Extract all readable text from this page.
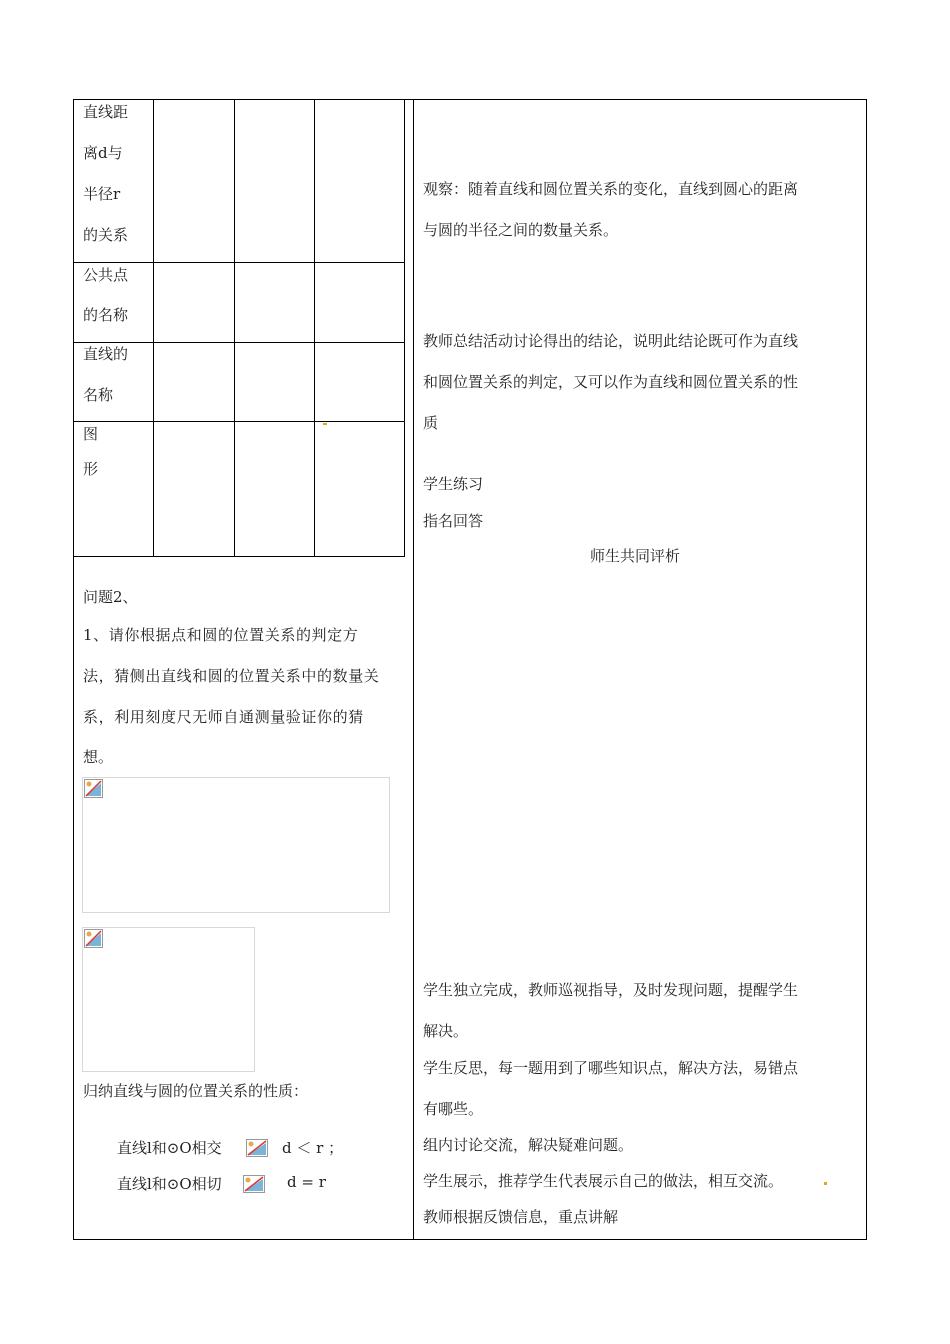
直线距
离d与
半径r
的关系
公共点
的名称
直线的
名称
图
形
问题2、
1、请你根据点和圆的位置关系的判定方
法，猜侧出直线和圆的位置关系中的数量关
系，利用刻度尺无师自通测量验证你的猜
想。
归纳直线与圆的位置关系的性质：
直线l和⊙O相交	d ＜ r ；
直线l和⊙O相切	d = r
观察：随着直线和圆位置关系的变化，直线到圆心的距离
与圆的半径之间的数量关系。
教师总结活动讨论得出的结论，说明此结论既可作为直线
和圆位置关系的判定，又可以作为直线和圆位置关系的性
质
学生练习
指名回答
师生共同评析
学生独立完成，教师巡视指导，及时发现问题，提醒学生
解决。
学生反思，每一题用到了哪些知识点，解决方法，易错点
有哪些。
组内讨论交流，解决疑难问题。
学生展示，推荐学生代表展示自己的做法，相互交流。
教师根据反馈信息，重点讲解
